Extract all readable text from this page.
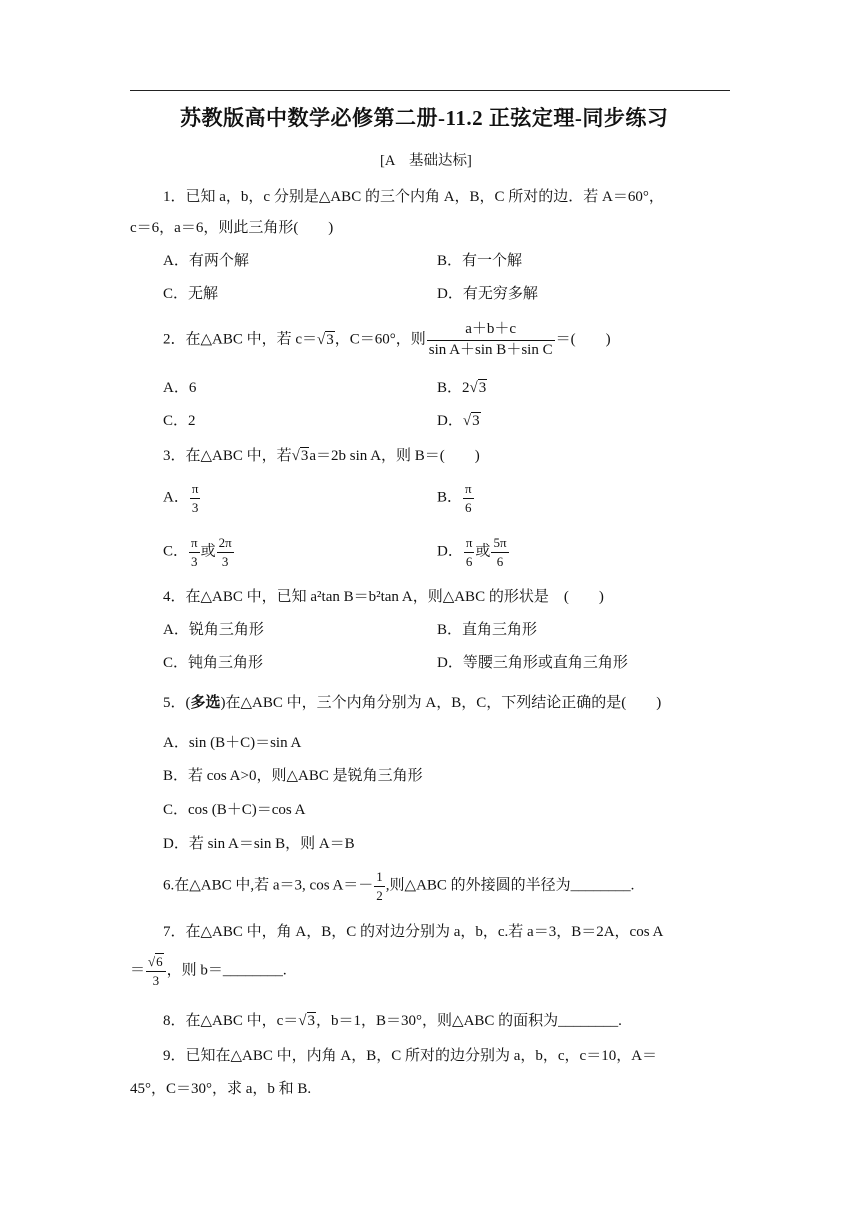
苏教版高中数学必修第二册-11.2 正弦定理-同步练习
[A　基础达标]
1．已知 a，b，c 分别是△ABC 的三个内角 A，B，C 所对的边．若 A＝60°，
c＝6，a＝6，则此三角形(　　)
A．有两个解	B．有一个解
C．无解	D．有无穷多解
2．在△ABC 中，若 c＝√3，C＝60°，则 $\frac{a+b+c}{\text{sin A＋sin B＋sin C}}$ ＝(　　)
A．6	B．2√3
C．2	D．√3
3．在△ABC 中，若√3a＝2b sin A，则 B＝(　　)
A． $\frac{\pi}{3}$	B． $\frac{\pi}{6}$
C． $\frac{\pi}{3}$ 或 $\frac{2\pi}{3}$	D． $\frac{\pi}{6}$ 或 $\frac{5\pi}{6}$
4．在△ABC 中，已知 a²tan B＝b²tan A，则△ABC 的形状是　(　　)
A．锐角三角形	B．直角三角形
C．钝角三角形	D．等腰三角形或直角三角形
5．(多选)在△ABC 中，三个内角分别为 A，B，C，下列结论正确的是(　　)
A．sin (B＋C)＝sin A
B．若 cos A>0，则△ABC 是锐角三角形
C．cos (B＋C)＝cos A
D．若 sin A＝sin B，则 A＝B
6.在△ABC 中,若 a＝3, $\cos A=- \frac{1}{2}$ ,则△ABC 的外接圆的半径为________.
7．在△ABC 中，角 A，B，C 的对边分别为 a，b，c.若 a＝3，B＝2A，cos A
＝ $\frac{√6}{3}$ ，则 b＝________.
8．在△ABC 中，c＝√3，b＝1，B＝30°，则△ABC 的面积为________.
9．已知在△ABC 中，内角 A，B，C 所对的边分别为 a，b，c，c＝10，A＝
45°，C＝30°，求 a，b 和 B.
